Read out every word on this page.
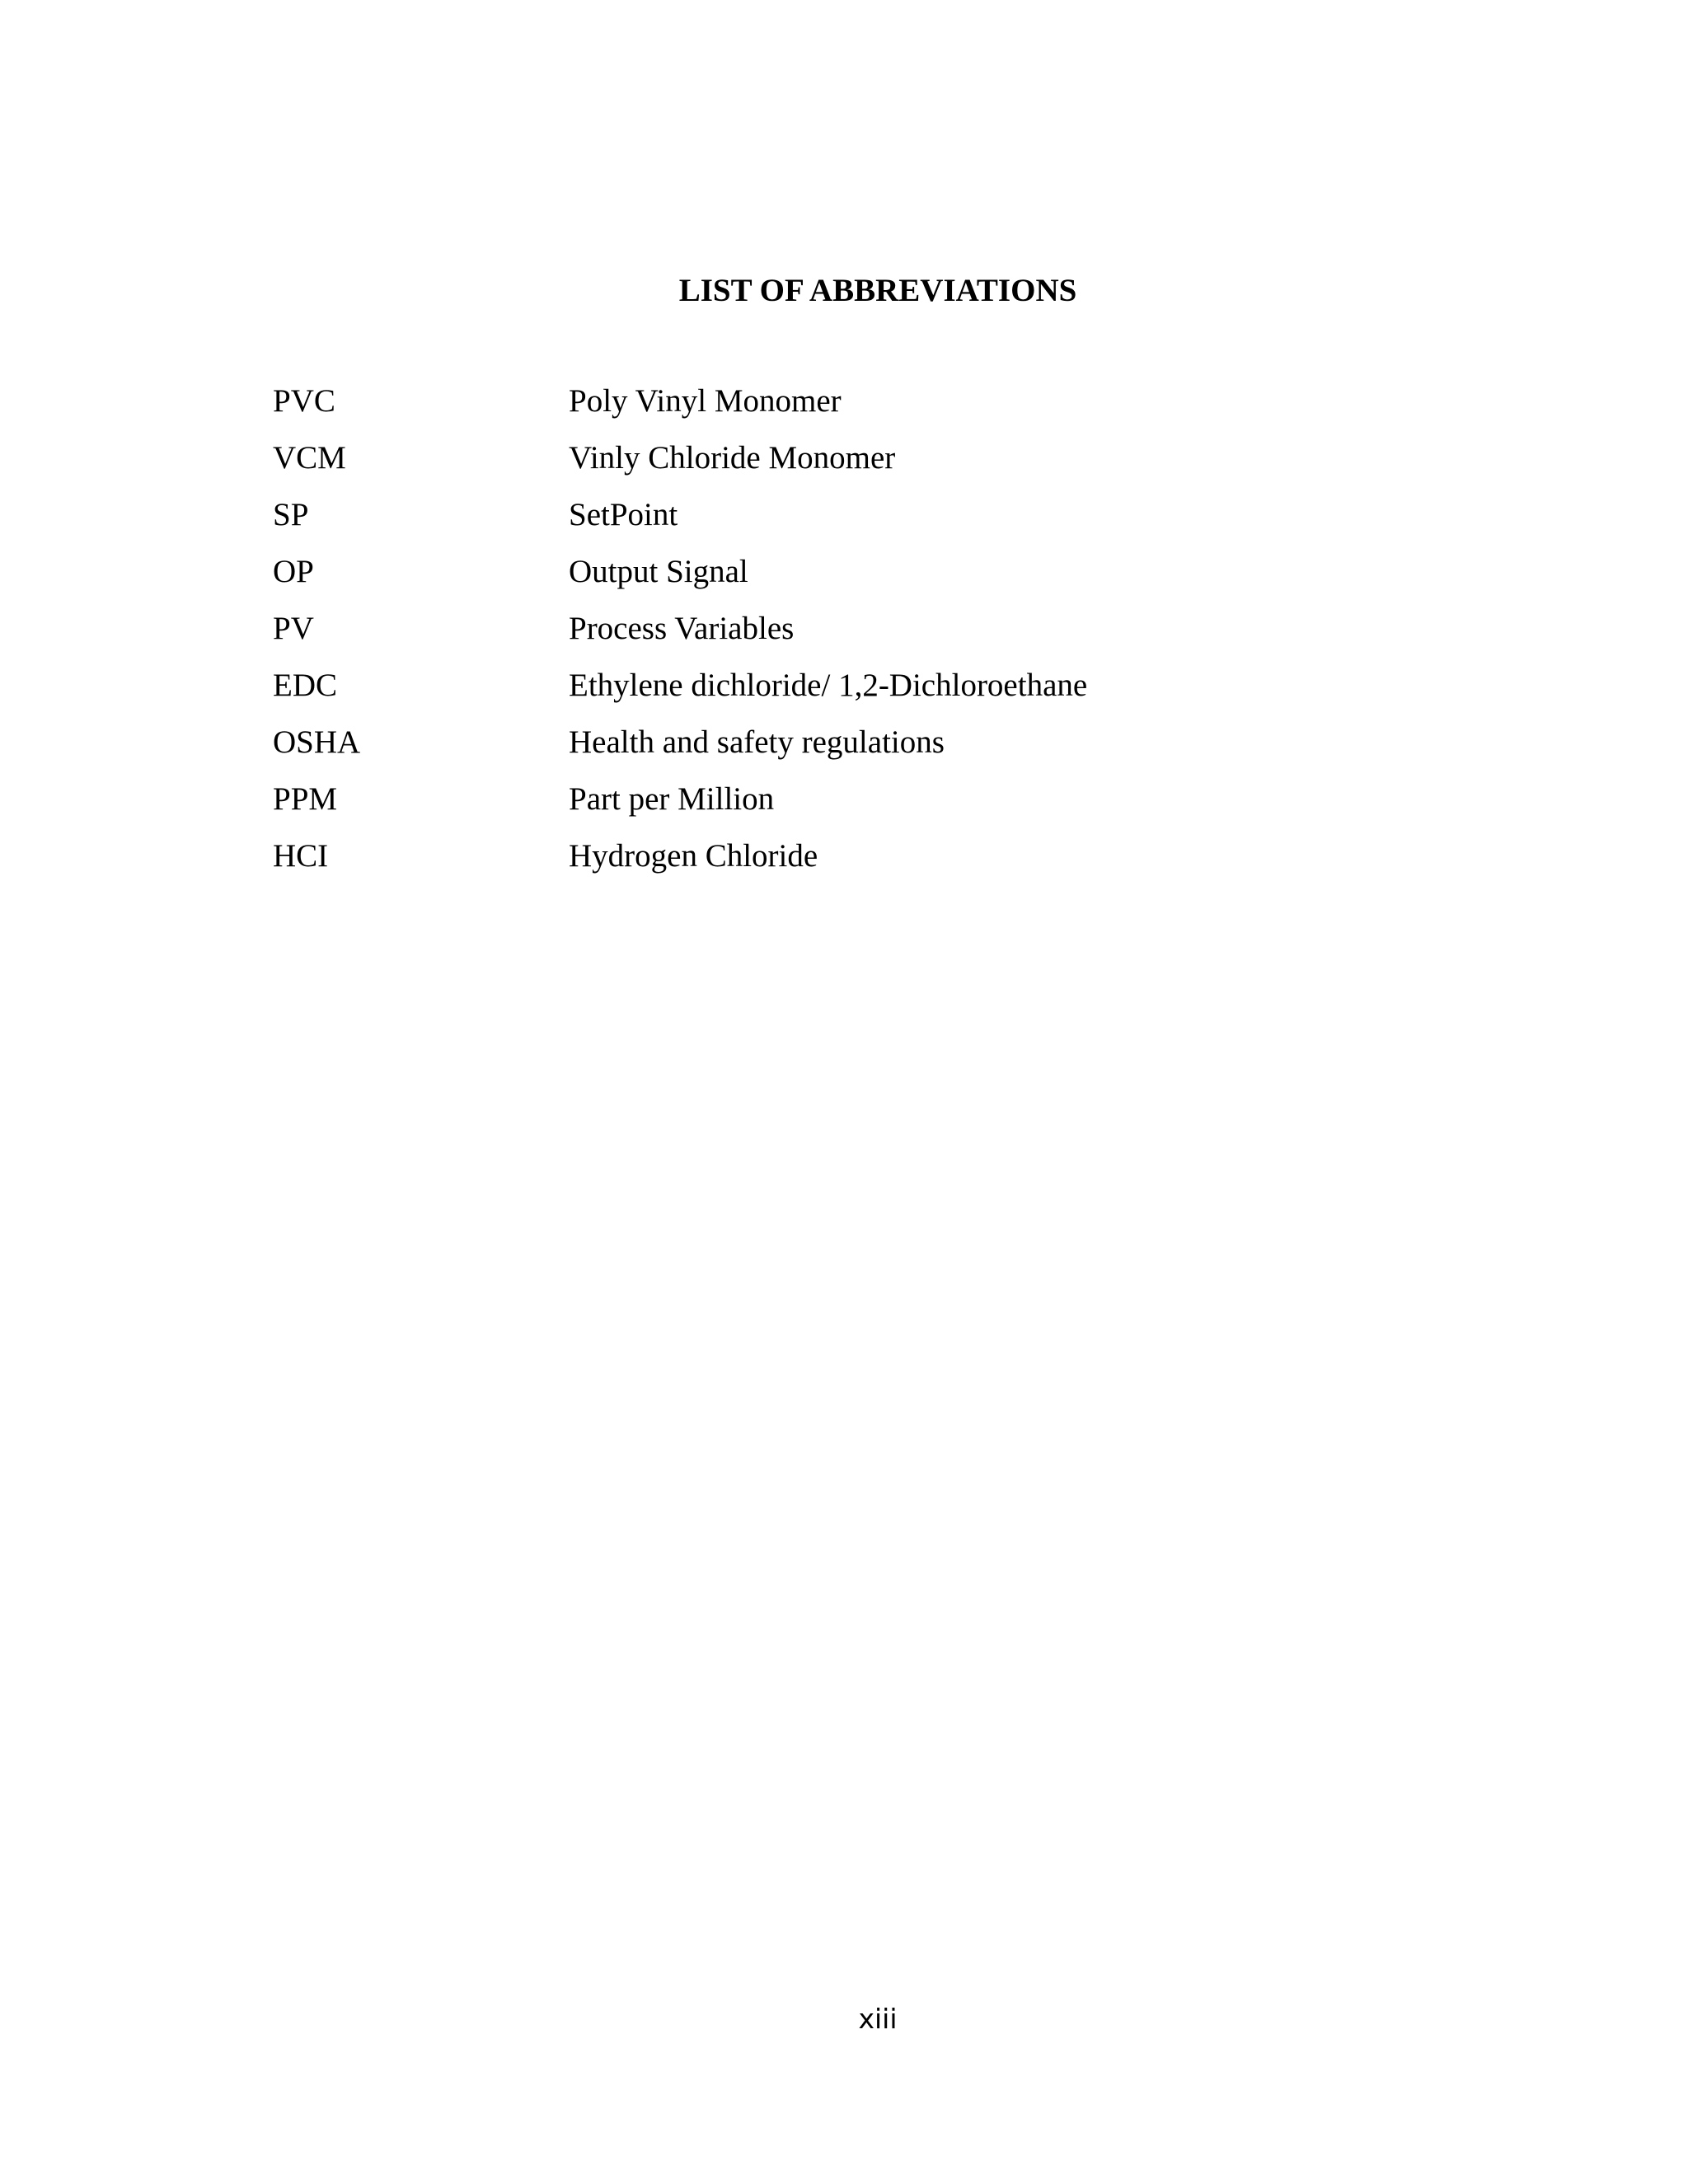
LIST OF ABBREVIATIONS
PVC	Poly Vinyl Monomer
VCM	Vinly Chloride Monomer
SP	SetPoint
OP	Output Signal
PV	Process Variables
EDC	Ethylene dichloride/ 1,2-Dichloroethane
OSHA	Health and safety regulations
PPM	Part per Million
HCI	Hydrogen Chloride
xiii
